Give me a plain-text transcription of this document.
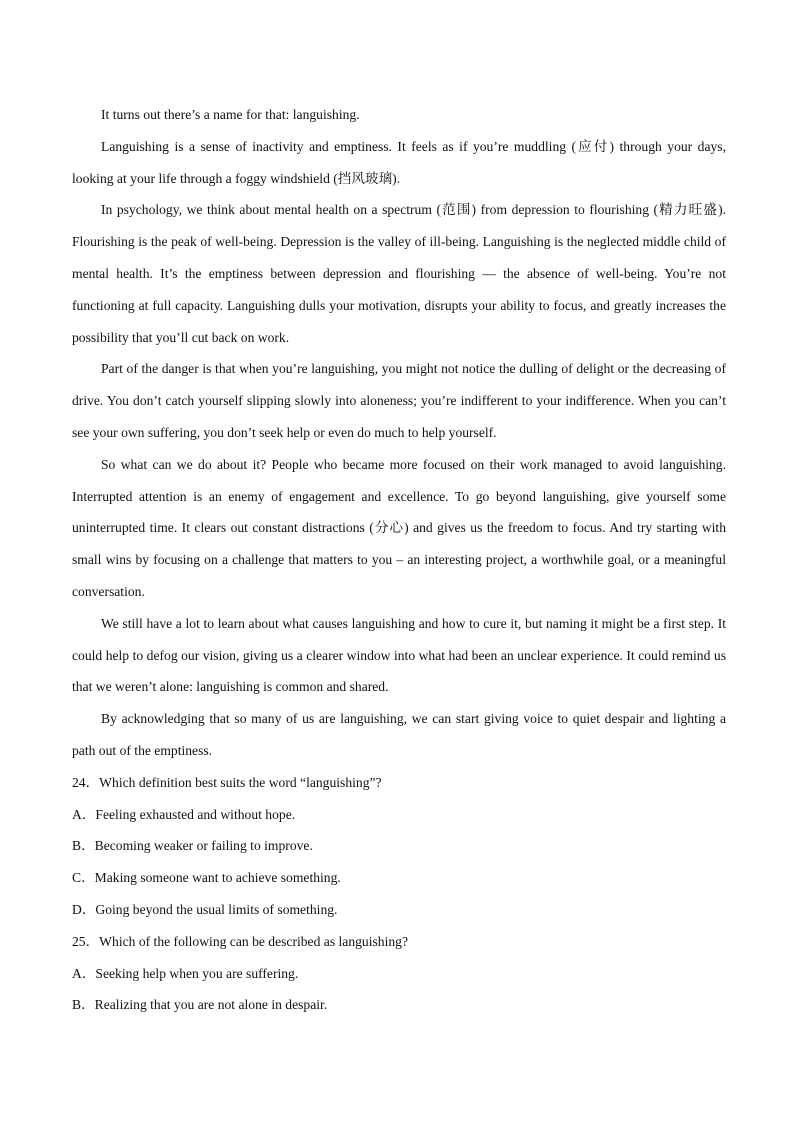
It turns out there’s a name for that: languishing.

Languishing is a sense of inactivity and emptiness. It feels as if you’re muddling (应付) through your days, looking at your life through a foggy windshield (挡风玻璃).

In psychology, we think about mental health on a spectrum (范围) from depression to flourishing (精力旺盛). Flourishing is the peak of well-being. Depression is the valley of ill-being. Languishing is the neglected middle child of mental health. It’s the emptiness between depression and flourishing — the absence of well-being. You’re not functioning at full capacity. Languishing dulls your motivation, disrupts your ability to focus, and greatly increases the possibility that you’ll cut back on work.

Part of the danger is that when you’re languishing, you might not notice the dulling of delight or the decreasing of drive. You don’t catch yourself slipping slowly into aloneness; you’re indifferent to your indifference. When you can’t see your own suffering, you don’t seek help or even do much to help yourself.

So what can we do about it? People who became more focused on their work managed to avoid languishing. Interrupted attention is an enemy of engagement and excellence. To go beyond languishing, give yourself some uninterrupted time. It clears out constant distractions (分心) and gives us the freedom to focus. And try starting with small wins by focusing on a challenge that matters to you – an interesting project, a worthwhile goal, or a meaningful conversation.

We still have a lot to learn about what causes languishing and how to cure it, but naming it might be a first step. It could help to defog our vision, giving us a clearer window into what had been an unclear experience. It could remind us that we weren’t alone: languishing is common and shared.

By acknowledging that so many of us are languishing, we can start giving voice to quiet despair and lighting a path out of the emptiness.

24．Which definition best suits the word “languishing”?

A．Feeling exhausted and without hope.

B．Becoming weaker or failing to improve.

C．Making someone want to achieve something.

D．Going beyond the usual limits of something.

25．Which of the following can be described as languishing?

A．Seeking help when you are suffering.

B．Realizing that you are not alone in despair.
